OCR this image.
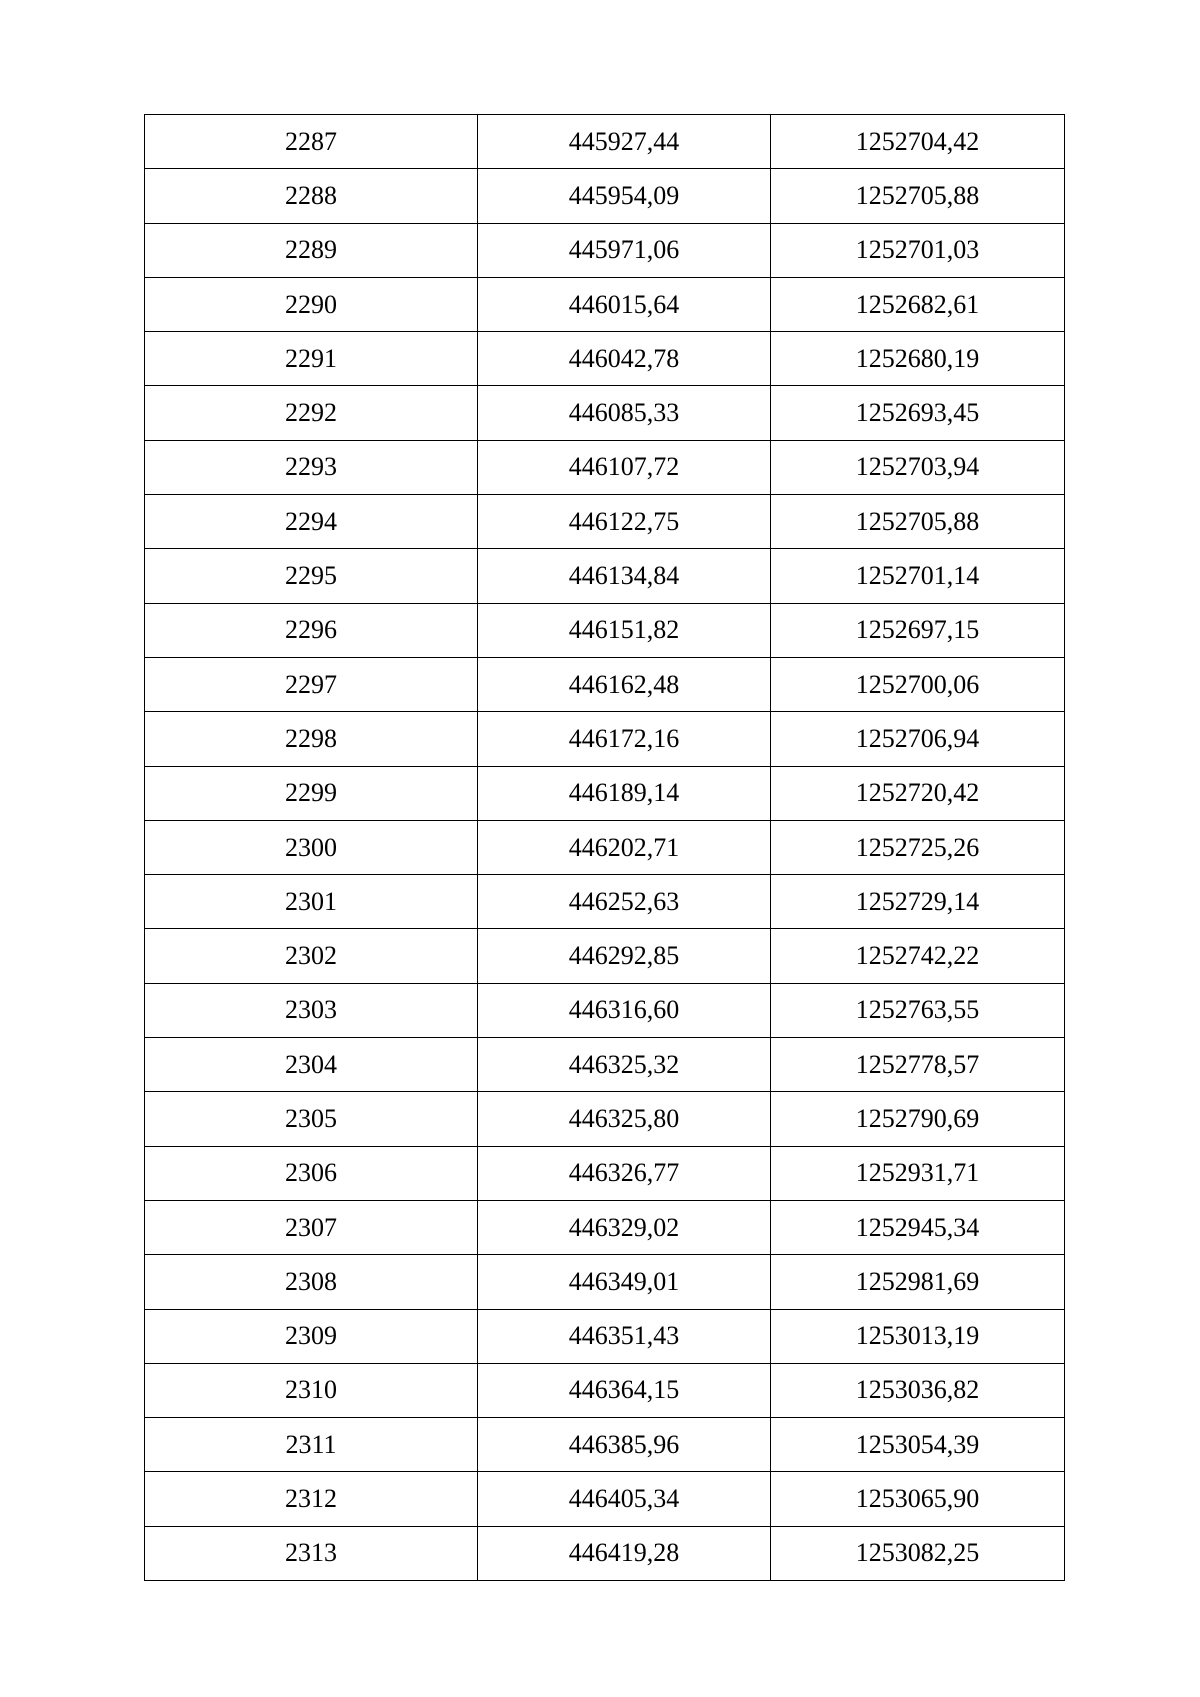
2287	445927,44	1252704,42
2288	445954,09	1252705,88
2289	445971,06	1252701,03
2290	446015,64	1252682,61
2291	446042,78	1252680,19
2292	446085,33	1252693,45
2293	446107,72	1252703,94
2294	446122,75	1252705,88
2295	446134,84	1252701,14
2296	446151,82	1252697,15
2297	446162,48	1252700,06
2298	446172,16	1252706,94
2299	446189,14	1252720,42
2300	446202,71	1252725,26
2301	446252,63	1252729,14
2302	446292,85	1252742,22
2303	446316,60	1252763,55
2304	446325,32	1252778,57
2305	446325,80	1252790,69
2306	446326,77	1252931,71
2307	446329,02	1252945,34
2308	446349,01	1252981,69
2309	446351,43	1253013,19
2310	446364,15	1253036,82
2311	446385,96	1253054,39
2312	446405,34	1253065,90
2313	446419,28	1253082,25
